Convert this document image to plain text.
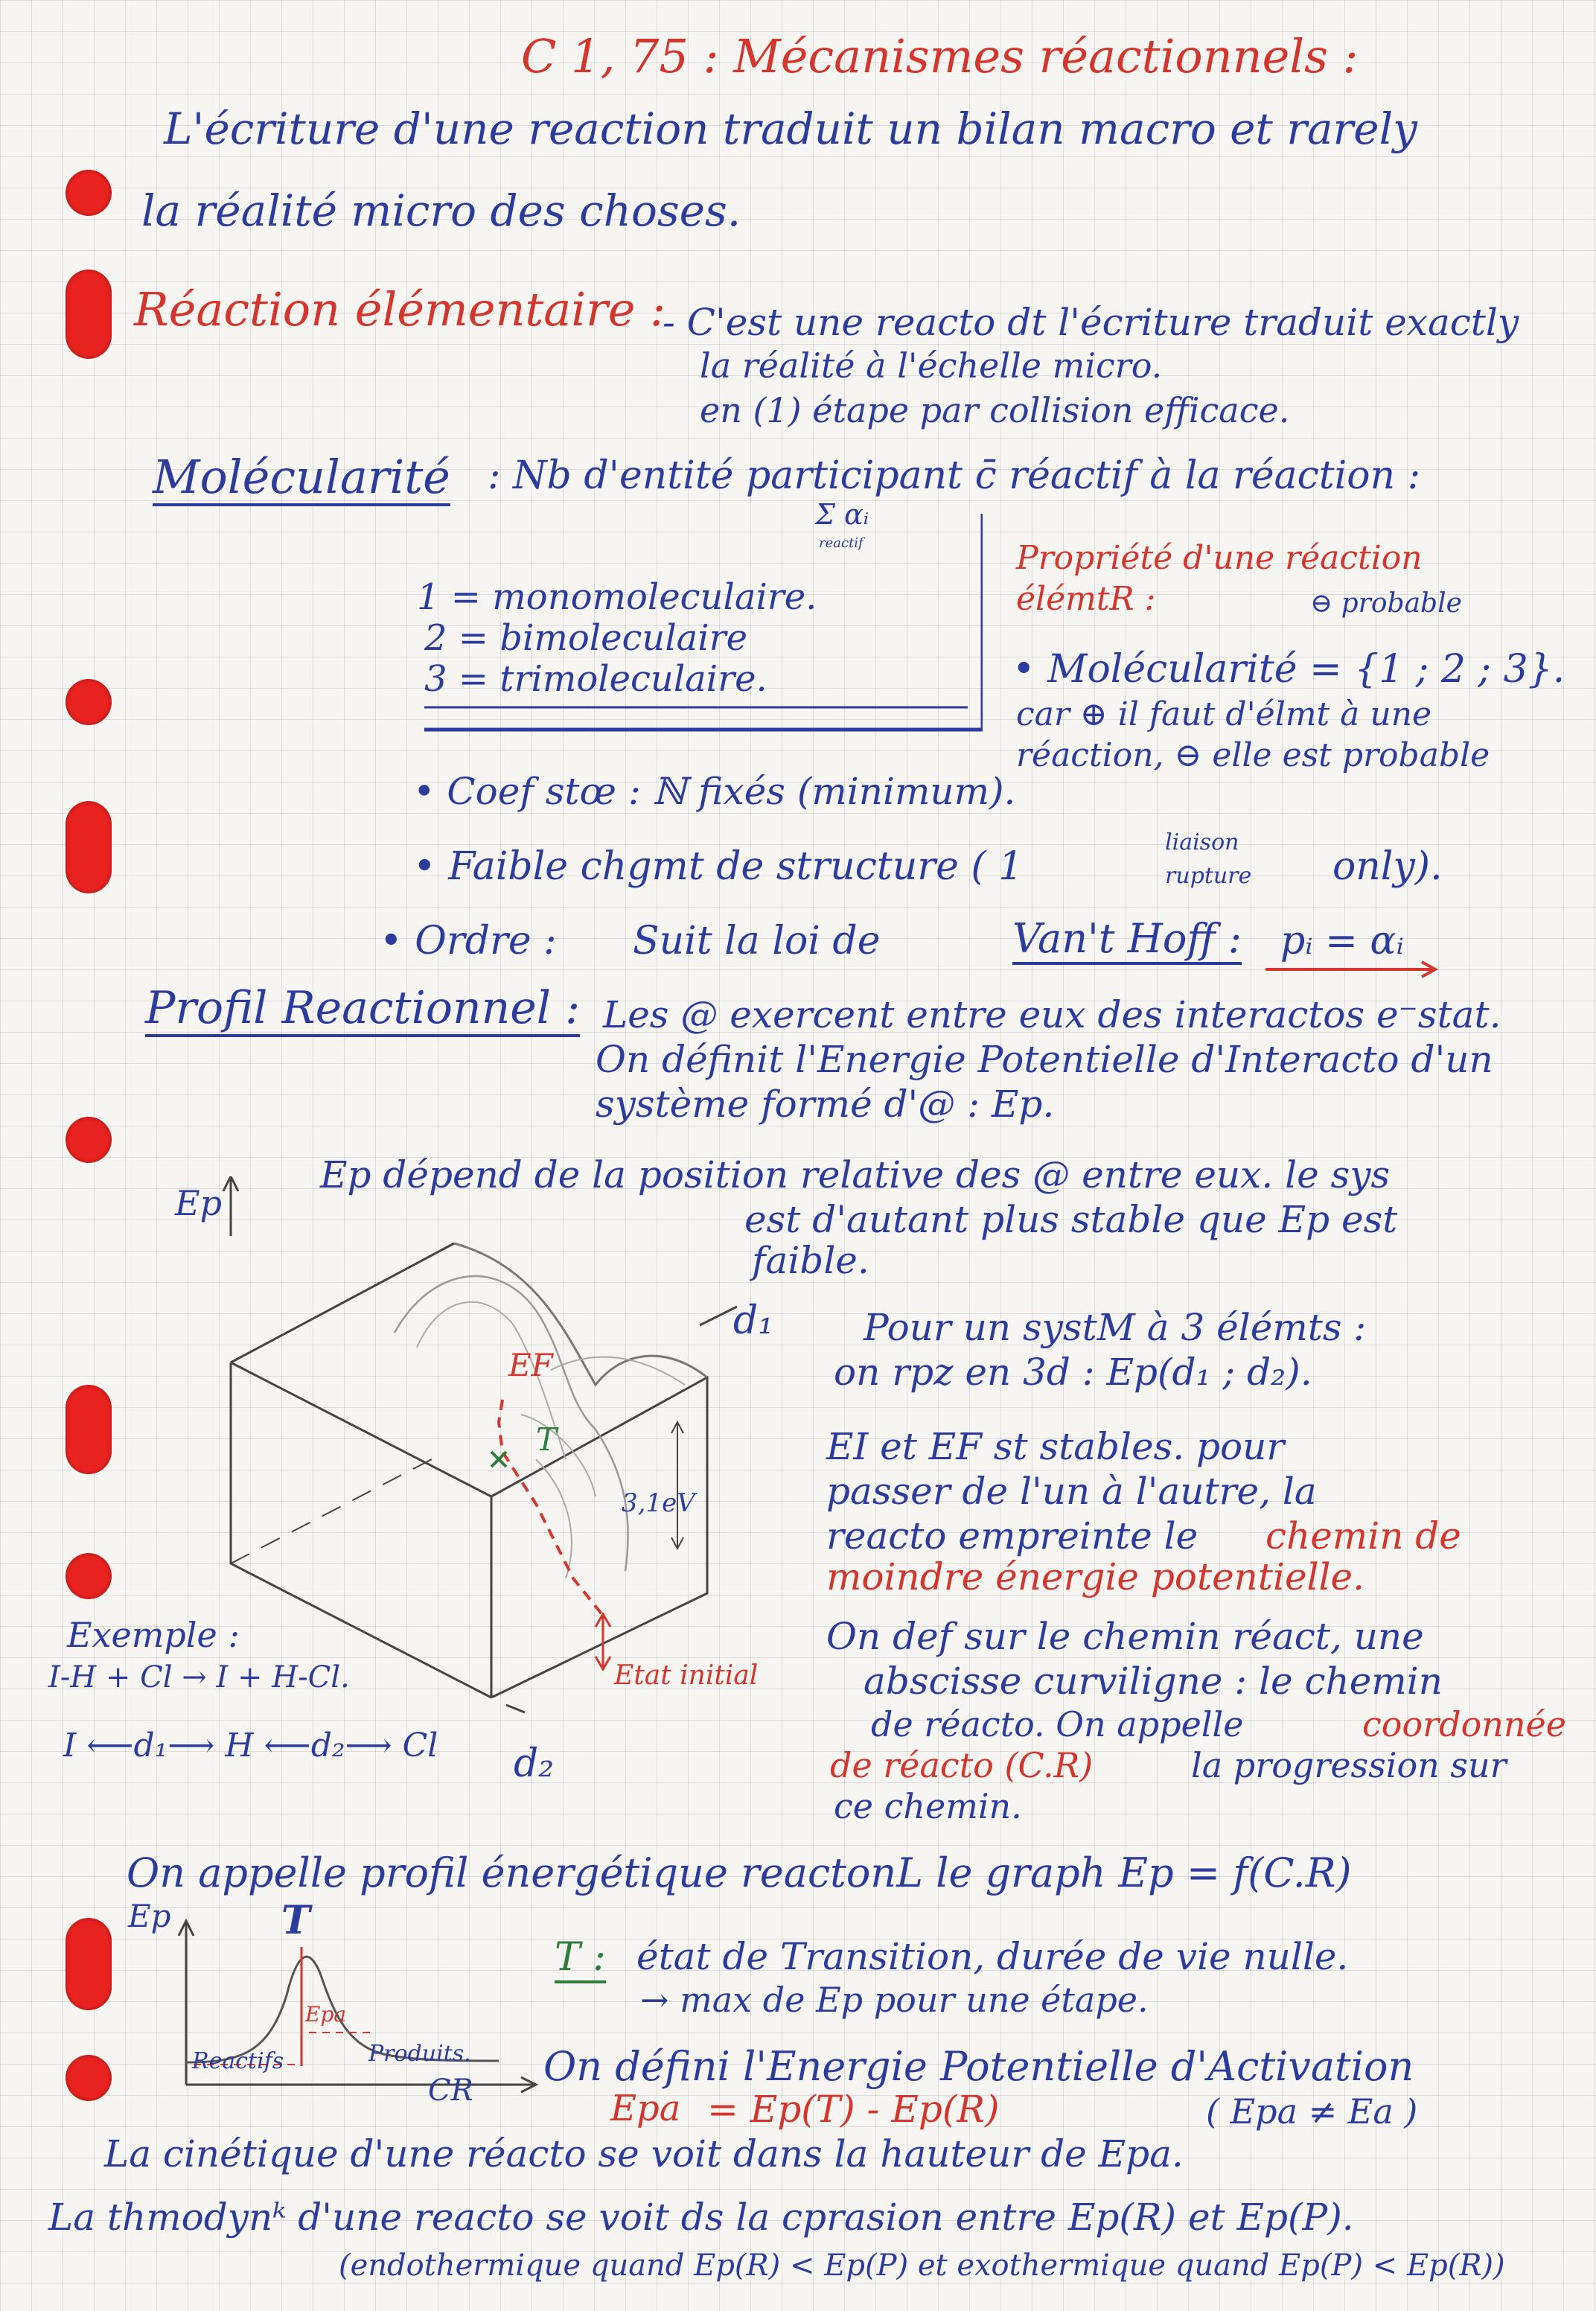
C 1, 75 : Mécanismes réactionnels :
L'écriture d'une reaction traduit un bilan macro et rarely
la réalité micro des choses.
Réaction élémentaire :
- C'est une reacto dt l'écriture traduit exactly
la réalité à l'échelle micro.
en (1) étape par collision efficace.
Molécularité : Nb d'entité participant c̄ réactif à la réaction :
Σ αᵢ
reactif
1 = monomoleculaire.
2 = bimoleculaire
3 = trimoleculaire.
Propriété d'une réaction
élémtR :	⊖ probable
• Molécularité = {1 ; 2 ; 3}.
car ⊕ il faut d'élmt à une
réaction, ⊖ elle est probable
• Coef stœ : ℕ fixés (minimum).
• Faible chgmt de structure ( 1
liaison
rupture only).
• Ordre : Suit la loi de	Van't Hoff : pᵢ = αᵢ
Profil Reactionnel : Les @ exercent entre eux des interactos e⁻stat.
On définit l'Energie Potentielle d'Interacto d'un
système formé d'@ : Ep.
Ep dépend de la position relative des @ entre eux. le sys
est d'autant plus stable que Ep est
faible.
Ep
d₁
d₂
EF
T
3,1eV
Etat initial
Pour un systM à 3 élémts :
on rpz en 3d : Ep(d₁ ; d₂).
EI et EF st stables. pour
passer de l'un à l'autre, la
reacto empreinte le chemin de
moindre énergie potentielle.
On def sur le chemin réact, une
abscisse curviligne : le chemin
de réacto. On appelle	coordonnée
de réacto (C.R)	la progression sur
ce chemin.
Exemple :
I-H + Cl → I + H-Cl.
I ⟵d₁⟶ H ⟵d₂⟶ Cl
On appelle profil énergétique reactonL le graph Ep = f(C.R)
Ep	T
Epa
Reactifs	Produits.
CR
T : état de Transition, durée de vie nulle.
→ max de Ep pour une étape.
On défini l'Energie Potentielle d'Activation
Epa = Ep(T) - Ep(R)	( Epa ≠ Ea )
La cinétique d'une réacto se voit dans la hauteur de Epa.
La thmodynᵏ d'une reacto se voit ds la cprasion entre Ep(R) et Ep(P).
(endothermique quand Ep(R) < Ep(P) et exothermique quand Ep(P) < Ep(R))
